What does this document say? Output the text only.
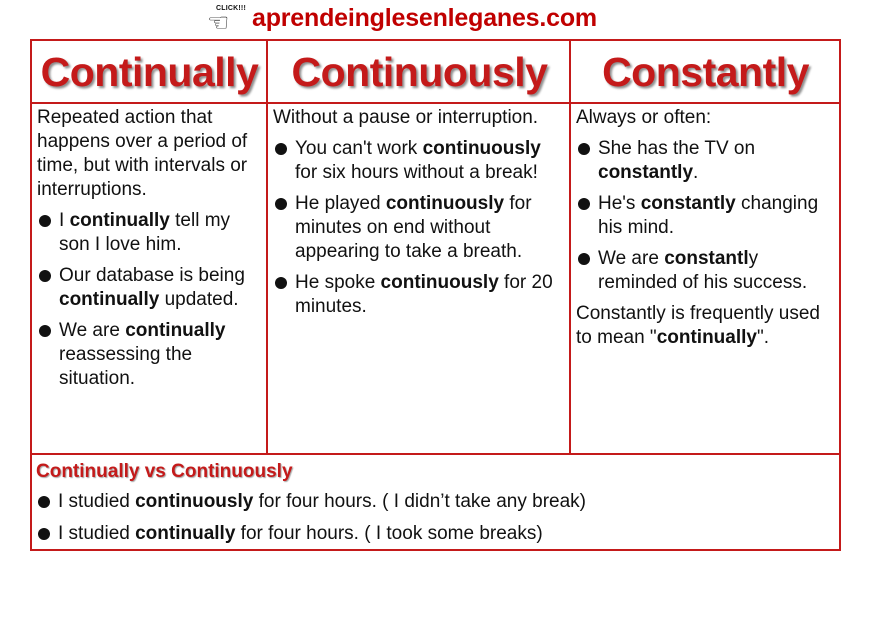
CLICK!!!
☞ aprendeinglesenleganes.com
Continually Continuously	Constantly

Repeated action that happens over a period of time, but with intervals or interruptions.

I continually tell my son I love him.
Our database is being continually updated.
We are continually reassessing the situation.

Without a pause or interruption.

You can't work continuously for six hours without a break!
He played continuously for minutes on end without appearing to take a breath.
He spoke continuously for 20 minutes.

Always or often:

She has the TV on constantly.
He's constantly changing his mind.
We are constantly reminded of his success.

Constantly is frequently used to mean "continually".

Continually vs Continuously
I studied continuously for four hours. ( I didn’t take any break)
I studied continually for four hours. ( I took some breaks)
